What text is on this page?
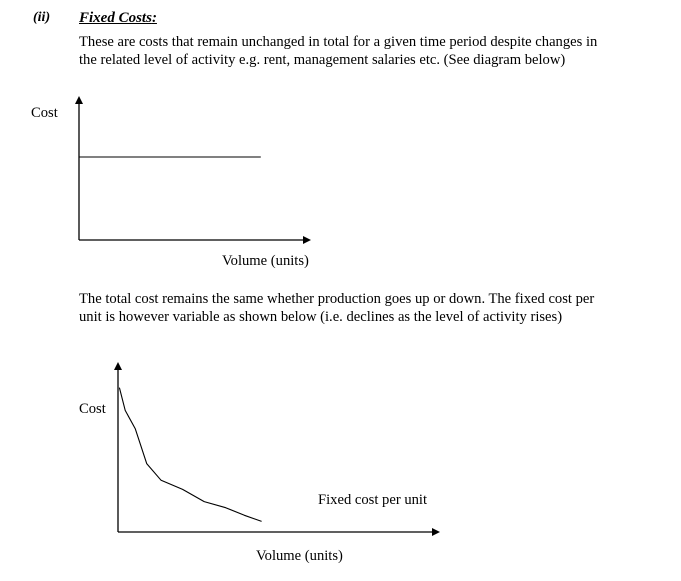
(ii) Fixed Costs:
These are costs that remain unchanged in total for a given time period despite changes in
the related level of activity e.g. rent, management salaries etc. (See diagram below)
Cost
Volume (units)
The total cost remains the same whether production goes up or down. The fixed cost per
unit is however variable as shown below (i.e. declines as the level of activity rises)
Cost
Fixed cost per unit
Volume (units)
